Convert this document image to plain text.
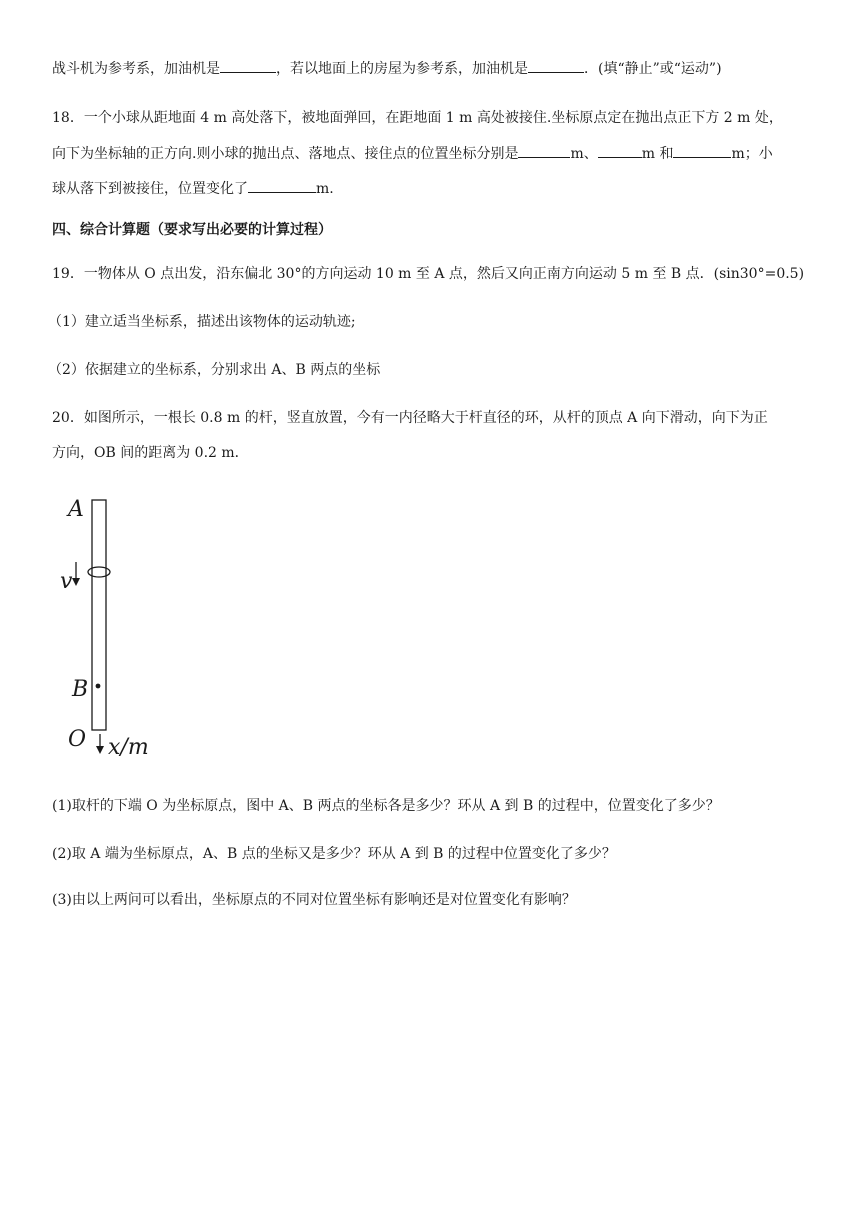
战斗机为参考系，加油机是	，若以地面上的房屋为参考系，加油机是	．(填“静止”或“运动”)
18．一个小球从距地面 4 m 高处落下，被地面弹回，在距地面 1 m 高处被接住.坐标原点定在抛出点正下方 2 m 处，
向下为坐标轴的正方向.则小球的抛出点、落地点、接住点的位置坐标分别是	m、	m 和	m；小
球从落下到被接住，位置变化了	m.
四、综合计算题（要求写出必要的计算过程）
19．一物体从 O 点出发，沿东偏北 30°的方向运动 10 m 至 A 点，然后又向正南方向运动 5 m 至 B 点．(sin30°=0.5)
（1）建立适当坐标系，描述出该物体的运动轨迹;
（2）依据建立的坐标系，分别求出 A、B 两点的坐标
20．如图所示，一根长 0.8 m 的杆，竖直放置，今有一内径略大于杆直径的环，从杆的顶点 A 向下滑动，向下为正
方向，OB 间的距离为 0.2 m．
A
v
B
O x/m
(1)取杆的下端 O 为坐标原点，图中 A、B 两点的坐标各是多少？环从 A 到 B 的过程中，位置变化了多少？
(2)取 A 端为坐标原点，A、B 点的坐标又是多少？环从 A 到 B 的过程中位置变化了多少？
(3)由以上两问可以看出，坐标原点的不同对位置坐标有影响还是对位置变化有影响？
